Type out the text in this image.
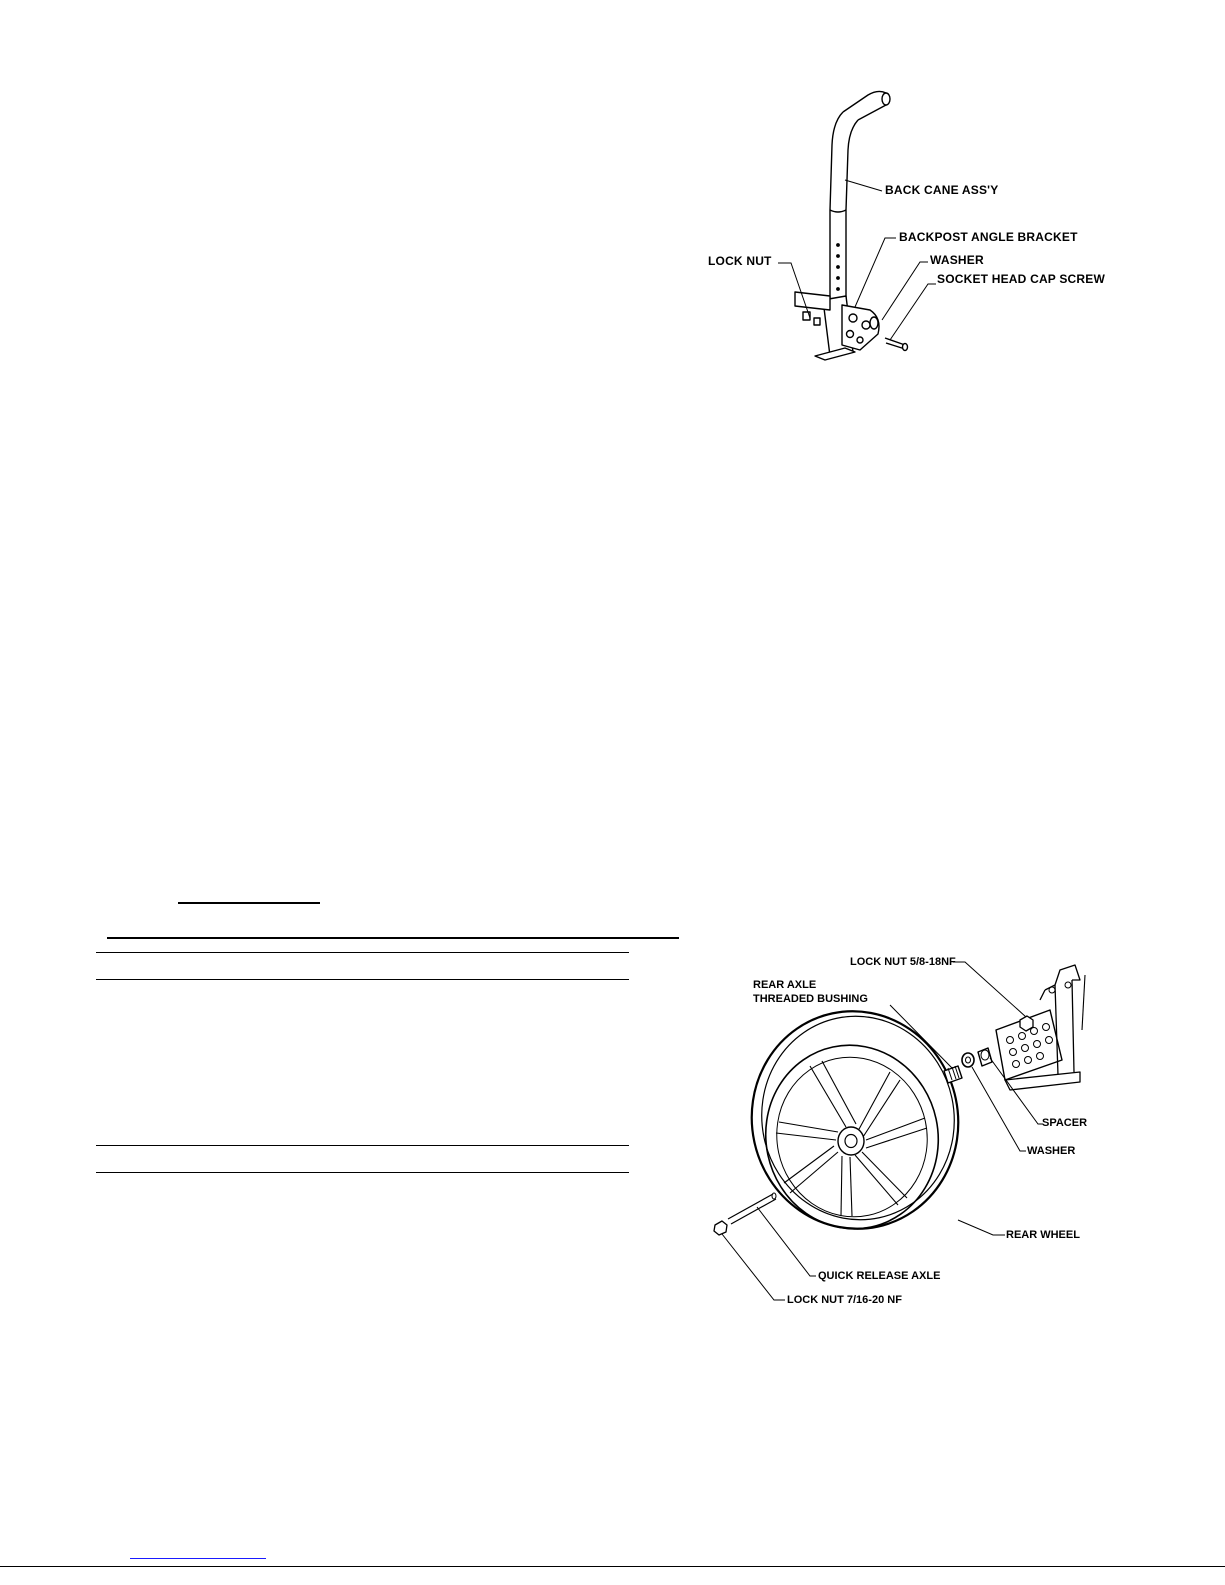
BACK CANE ASS'Y
BACKPOST ANGLE BRACKET
LOCK NUT	WASHER
SOCKET HEAD CAP SCREW
LOCK NUT 5/8-18NF
REAR AXLE
THREADED BUSHING
SPACER
WASHER
REAR WHEEL
QUICK RELEASE AXLE
LOCK NUT 7/16-20 NF
